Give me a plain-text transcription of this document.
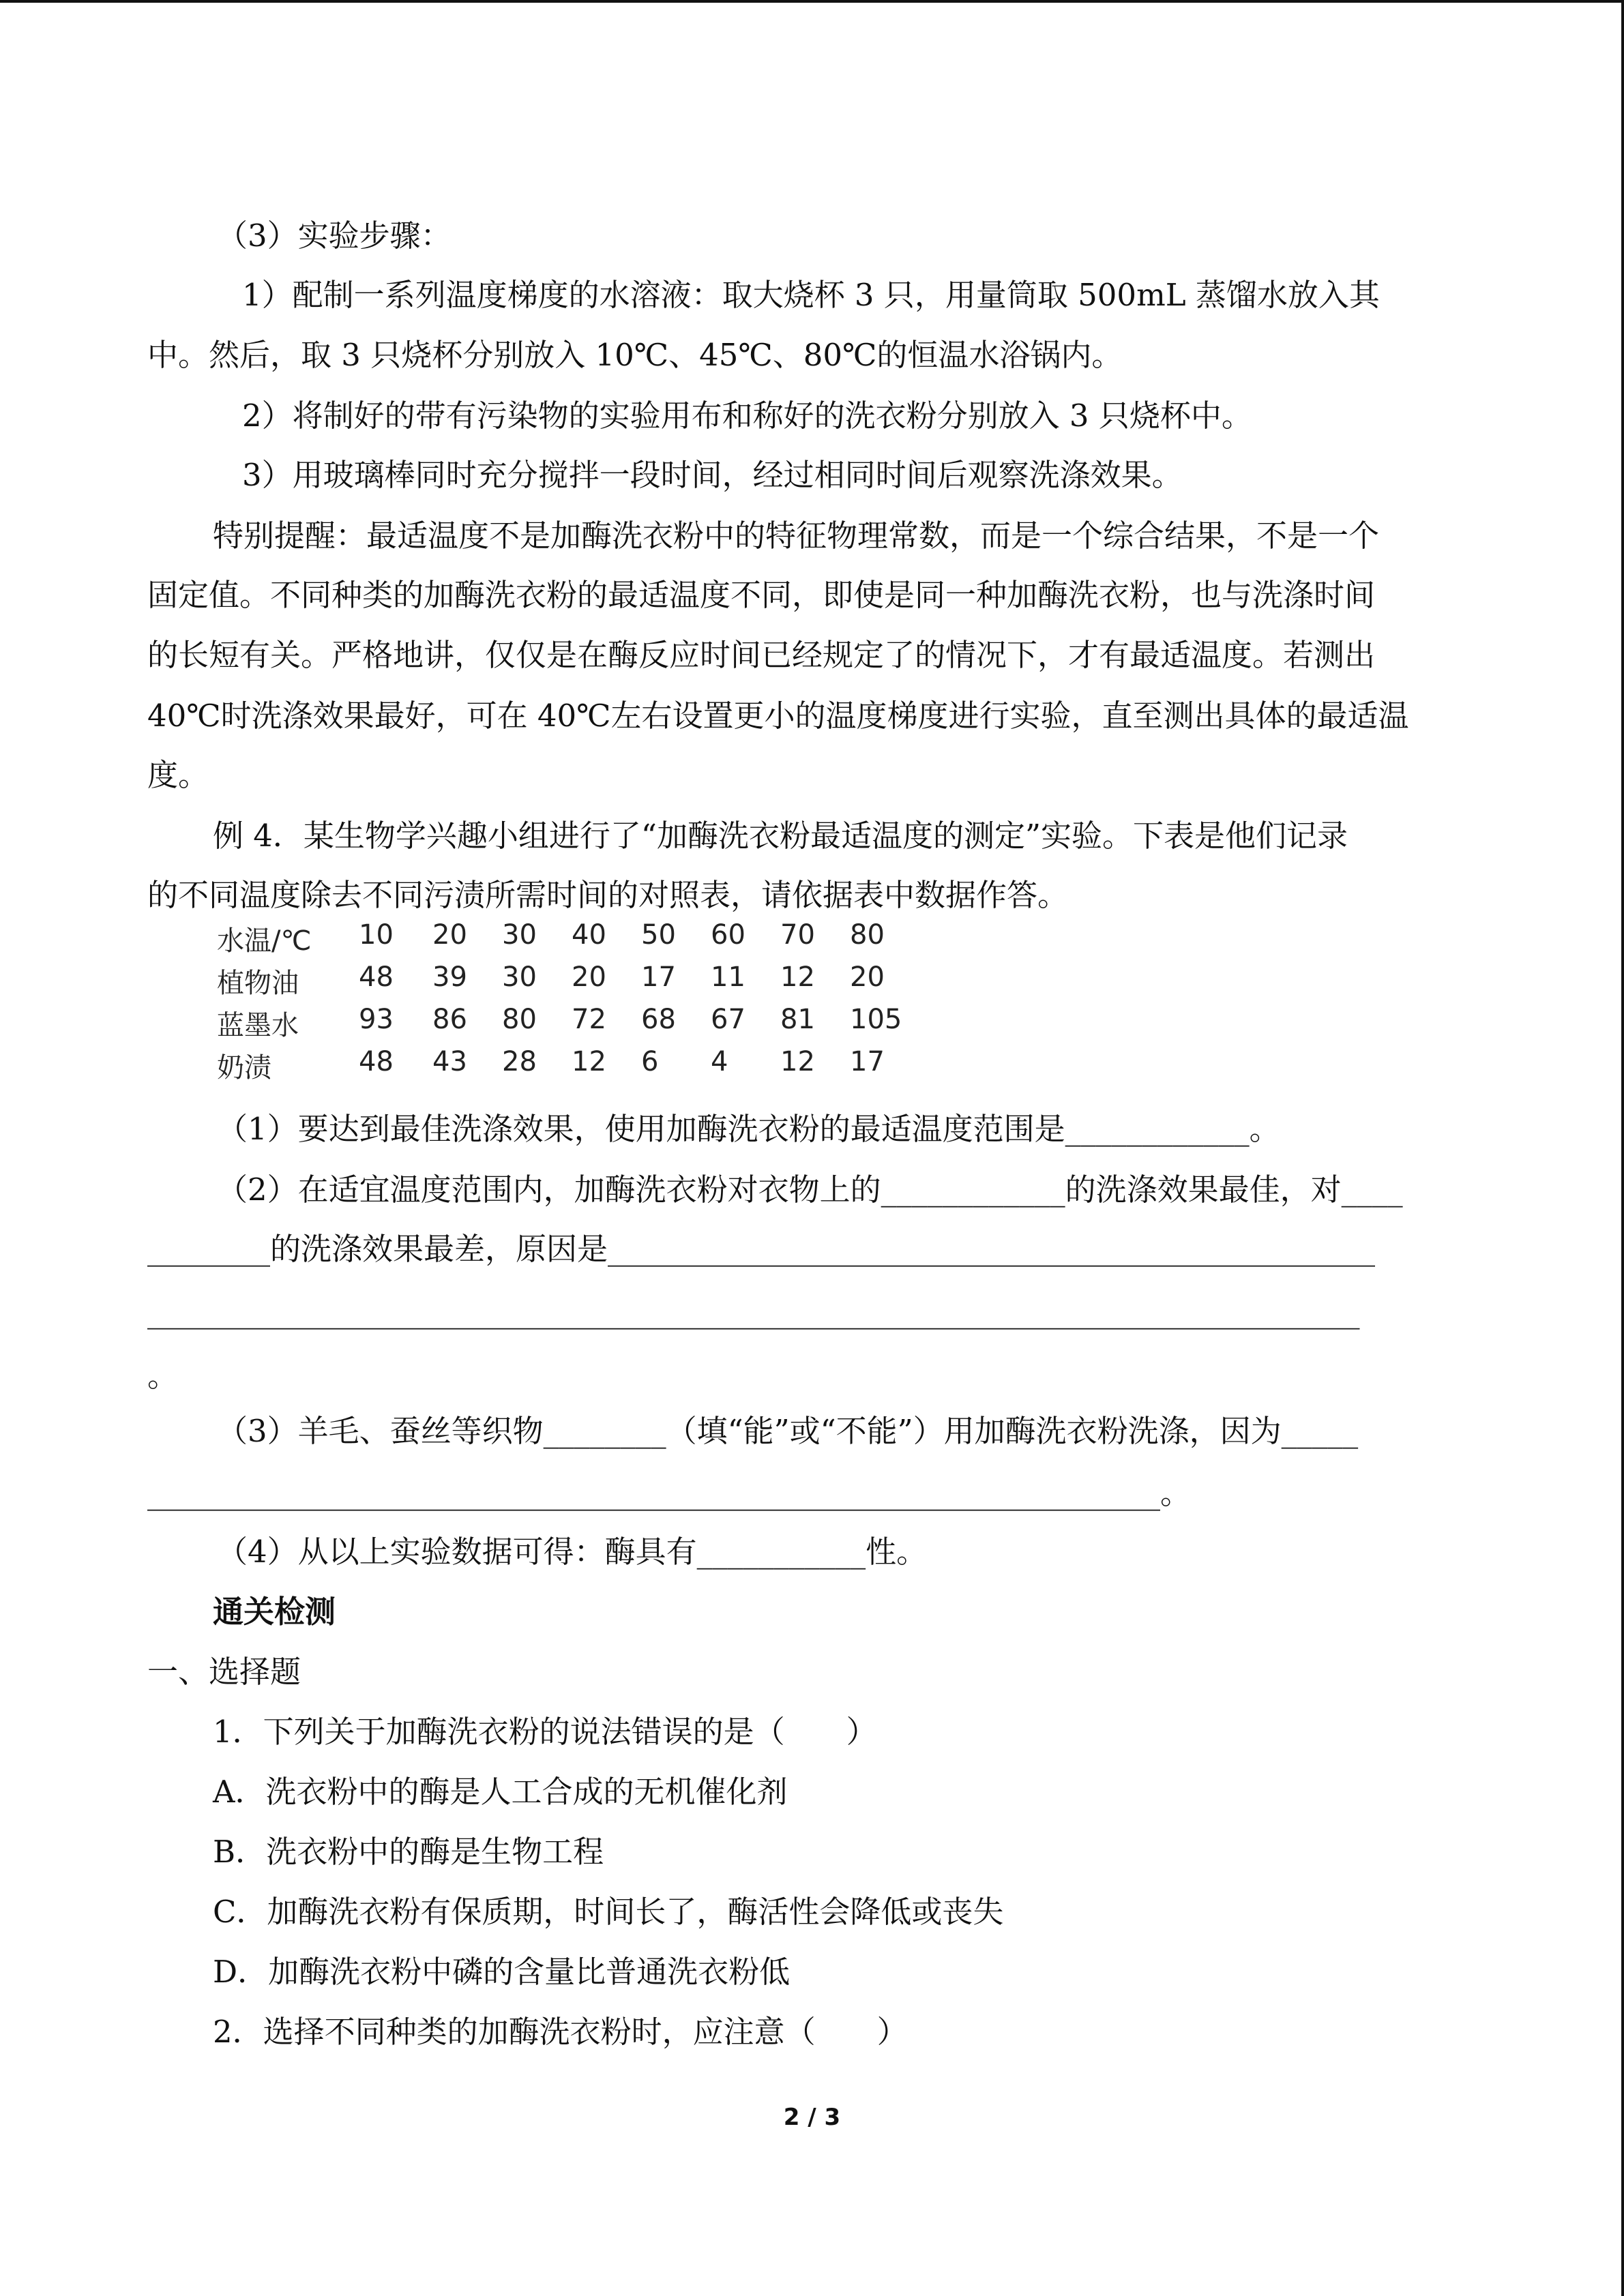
（3）实验步骤：
1）配制一系列温度梯度的水溶液：取大烧杯 3 只，用量筒取 500mL 蒸馏水放入其
中。然后，取 3 只烧杯分别放入 10℃、45℃、80℃的恒温水浴锅内。
2）将制好的带有污染物的实验用布和称好的洗衣粉分别放入 3 只烧杯中。
3）用玻璃棒同时充分搅拌一段时间，经过相同时间后观察洗涤效果。
特别提醒：最适温度不是加酶洗衣粉中的特征物理常数，而是一个综合结果，不是一个
固定值。不同种类的加酶洗衣粉的最适温度不同，即使是同一种加酶洗衣粉，也与洗涤时间
的长短有关。严格地讲，仅仅是在酶反应时间已经规定了的情况下，才有最适温度。若测出
40℃时洗涤效果最好，可在 40℃左右设置更小的温度梯度进行实验，直至测出具体的最适温
度。
例 4．某生物学兴趣小组进行了“加酶洗衣粉最适温度的测定”实验。下表是他们记录
的不同温度除去不同污渍所需时间的对照表，请依据表中数据作答。
水温/℃ 10 20 30 40 50 60 70 80
植物油 48 39 30 20 17 11 12 20
蓝墨水 93 86 80 72 68 67 81 105
奶渍	48 43 28 12 6 4 12 17
（1）要达到最佳洗涤效果，使用加酶洗衣粉的最适温度范围是____________。
（2）在适宜温度范围内，加酶洗衣粉对衣物上的____________的洗涤效果最佳，对____
________的洗涤效果最差，原因是__________________________________________________
_______________________________________________________________________________
。
（3）羊毛、蚕丝等织物________（填“能”或“不能”）用加酶洗衣粉洗涤，因为_____
__________________________________________________________________。
（4）从以上实验数据可得：酶具有___________性。
通关检测
一、选择题
1．下列关于加酶洗衣粉的说法错误的是（　　）
A．洗衣粉中的酶是人工合成的无机催化剂
B．洗衣粉中的酶是生物工程
C．加酶洗衣粉有保质期，时间长了，酶活性会降低或丧失
D．加酶洗衣粉中磷的含量比普通洗衣粉低
2．选择不同种类的加酶洗衣粉时，应注意（　　）
2 / 3
